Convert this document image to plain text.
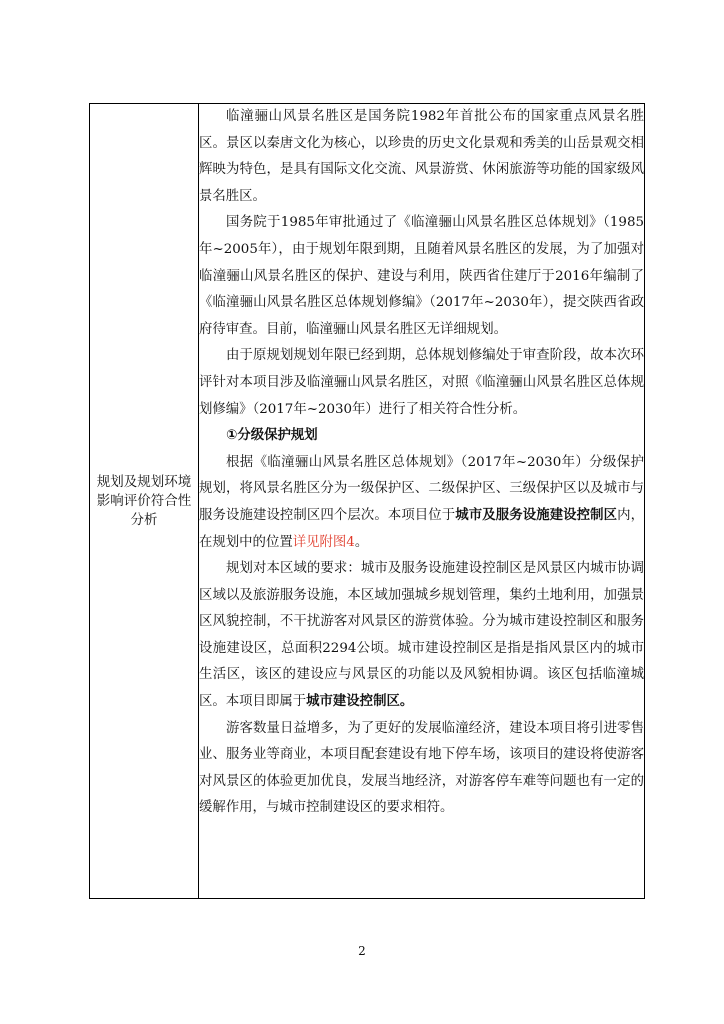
规划及规划环境影响评价符合性分析

临潼骊山风景名胜区是国务院1982年首批公布的国家重点风景名胜区。景区以秦唐文化为核心，以珍贵的历史文化景观和秀美的山岳景观交相辉映为特色，是具有国际文化交流、风景游赏、休闲旅游等功能的国家级风景名胜区。

国务院于1985年审批通过了《临潼骊山风景名胜区总体规划》（1985年~2005年），由于规划年限到期，且随着风景名胜区的发展，为了加强对临潼骊山风景名胜区的保护、建设与利用，陕西省住建厅于2016年编制了《临潼骊山风景名胜区总体规划修编》（2017年~2030年），提交陕西省政府待审查。目前，临潼骊山风景名胜区无详细规划。

由于原规划规划年限已经到期，总体规划修编处于审查阶段，故本次环评针对本项目涉及临潼骊山风景名胜区，对照《临潼骊山风景名胜区总体规划修编》（2017年~2030年）进行了相关符合性分析。

①分级保护规划

根据《临潼骊山风景名胜区总体规划》（2017年~2030年）分级保护规划，将风景名胜区分为一级保护区、二级保护区、三级保护区以及城市与服务设施建设控制区四个层次。本项目位于城市及服务设施建设控制区内，在规划中的位置详见附图4。

规划对本区域的要求：城市及服务设施建设控制区是风景区内城市协调区域以及旅游服务设施，本区域加强城乡规划管理，集约土地利用，加强景区风貌控制，不干扰游客对风景区的游赏体验。分为城市建设控制区和服务设施建设区，总面积2294公顷。城市建设控制区是指是指风景区内的城市生活区，该区的建设应与风景区的功能以及风貌相协调。该区包括临潼城区。本项目即属于城市建设控制区。

游客数量日益增多，为了更好的发展临潼经济，建设本项目将引进零售业、服务业等商业，本项目配套建设有地下停车场，该项目的建设将使游客对风景区的体验更加优良，发展当地经济，对游客停车难等问题也有一定的缓解作用，与城市控制建设区的要求相符。

2
